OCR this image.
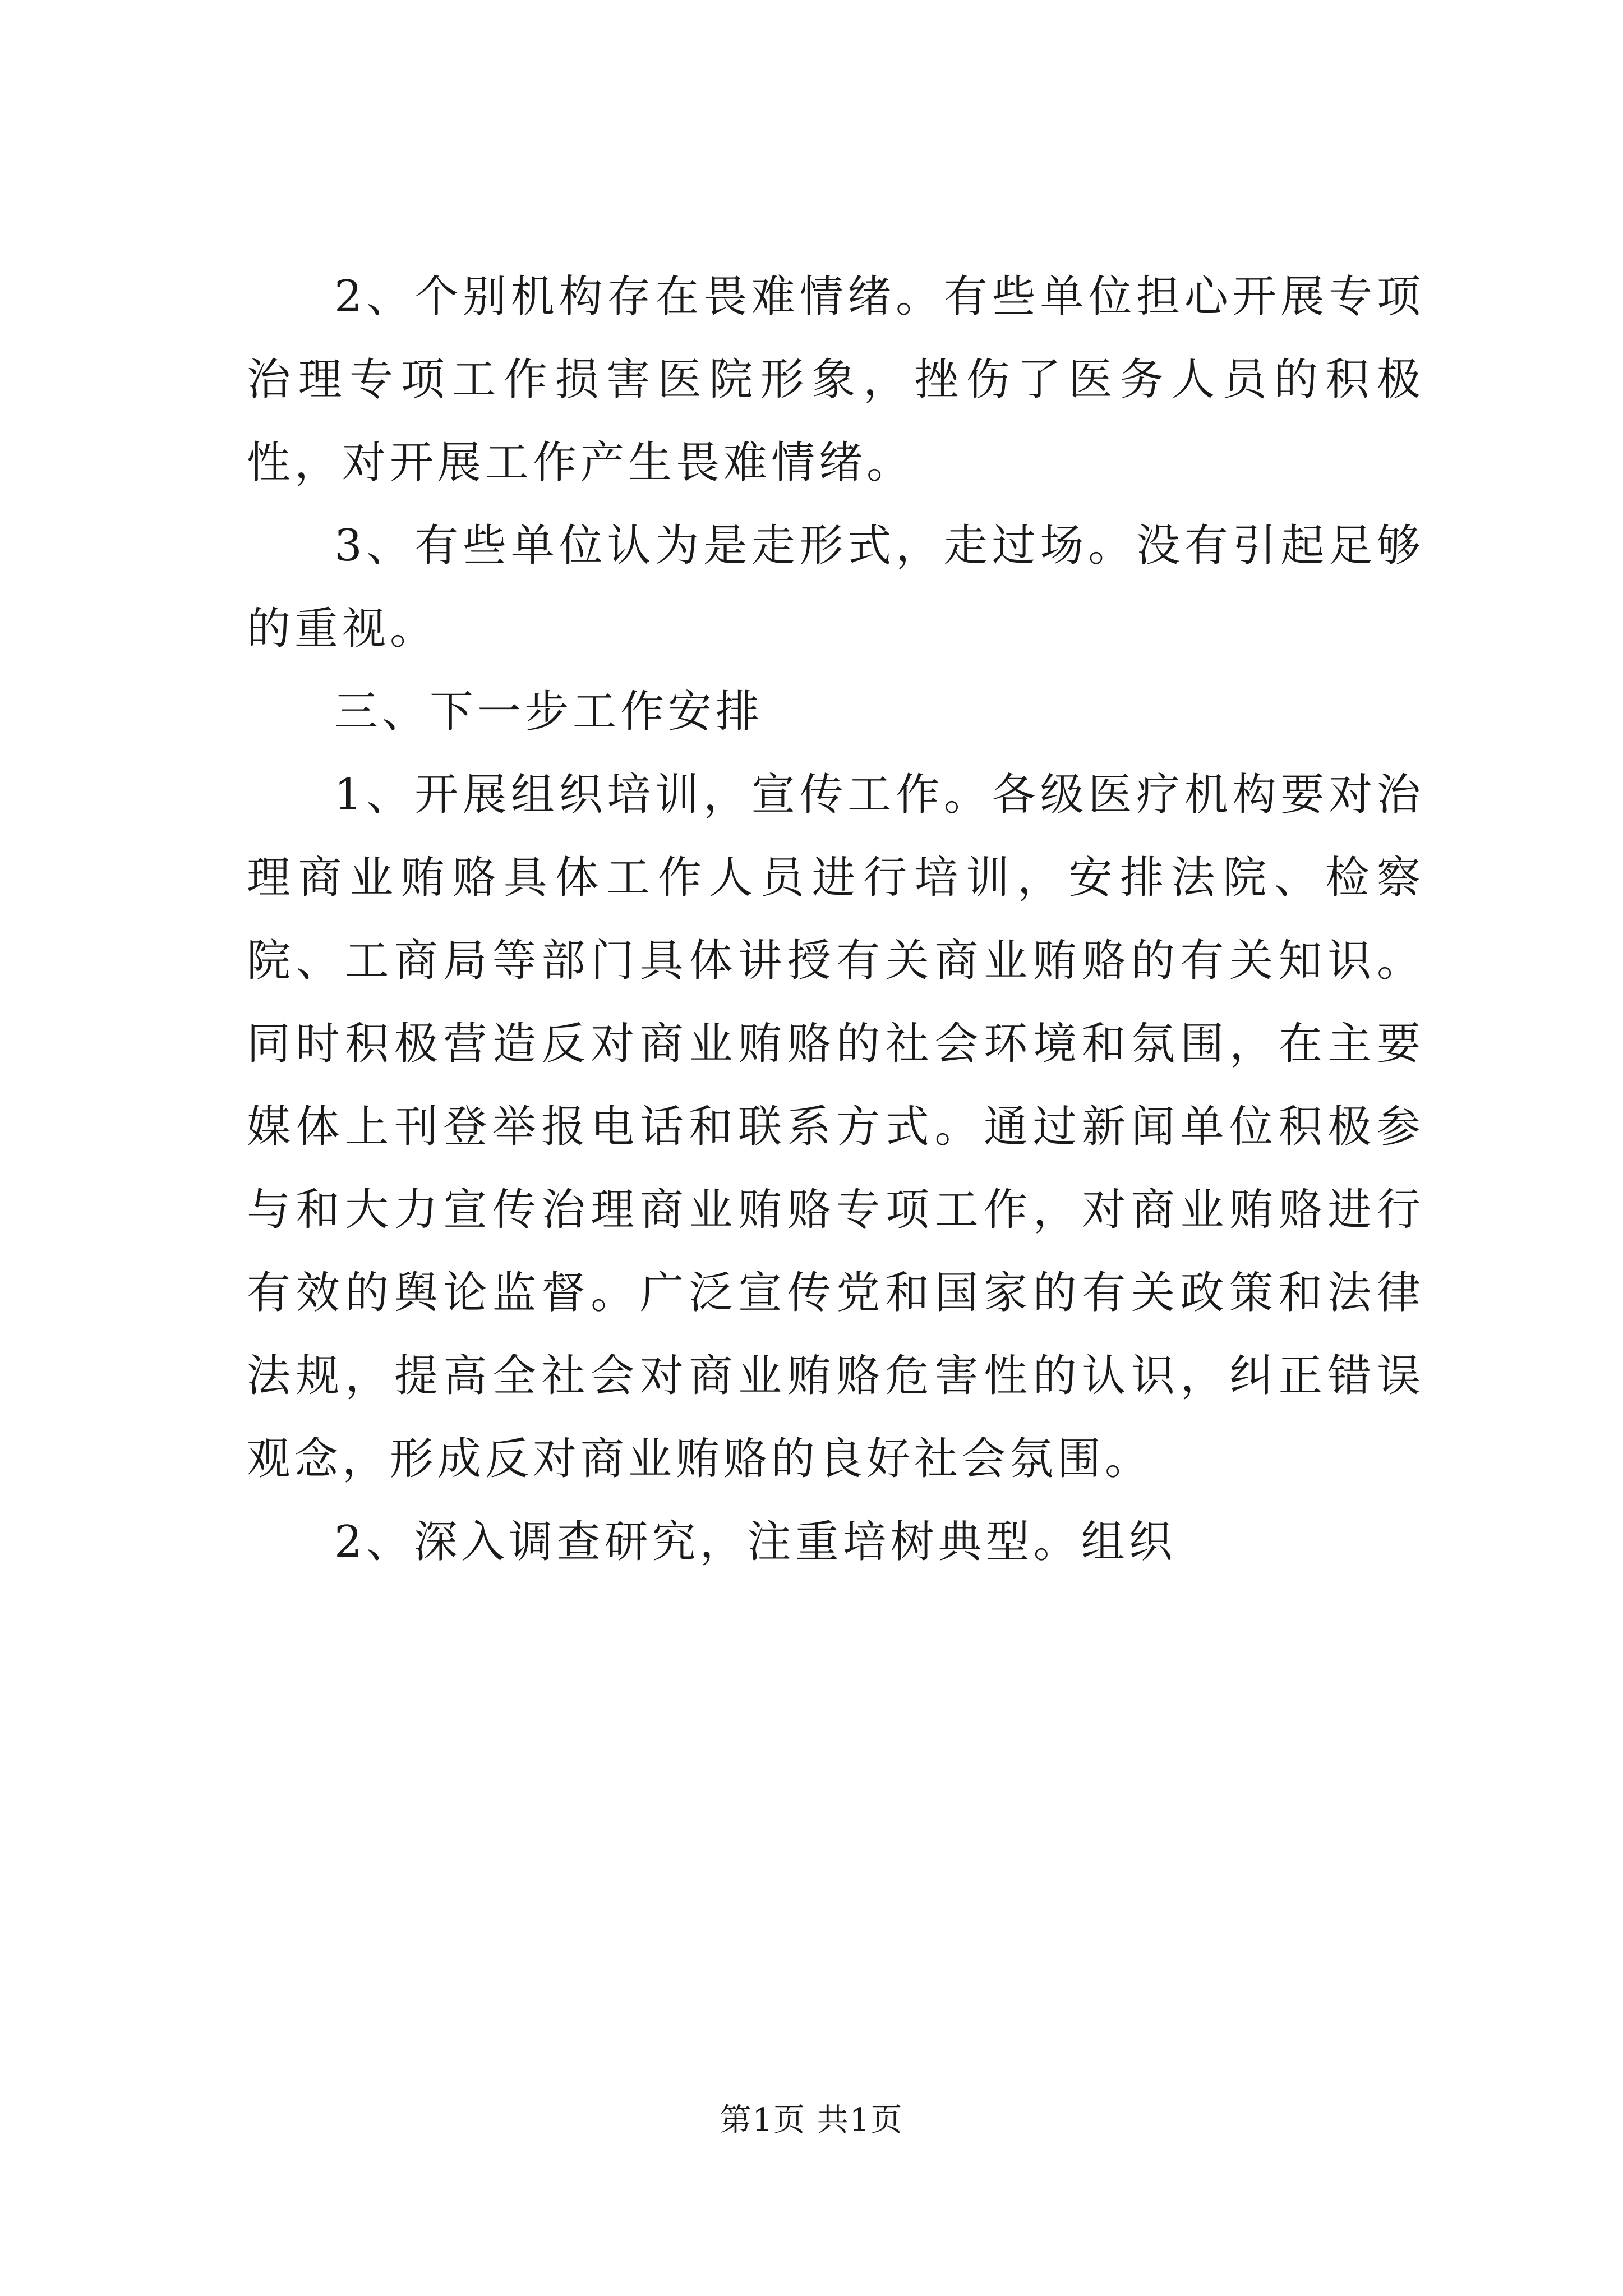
2、个别机构存在畏难情绪。有些单位担心开展专项治理专项工作损害医院形象，挫伤了医务人员的积极性，对开展工作产生畏难情绪。

3、有些单位认为是走形式，走过场。没有引起足够的重视。

三、下一步工作安排

1、开展组织培训，宣传工作。各级医疗机构要对治理商业贿赂具体工作人员进行培训，安排法院、检察院、工商局等部门具体讲授有关商业贿赂的有关知识。同时积极营造反对商业贿赂的社会环境和氛围，在主要媒体上刊登举报电话和联系方式。通过新闻单位积极参与和大力宣传治理商业贿赂专项工作，对商业贿赂进行有效的舆论监督。广泛宣传党和国家的有关政策和法律法规，提高全社会对商业贿赂危害性的认识，纠正错误观念，形成反对商业贿赂的良好社会氛围。

2、深入调查研究，注重培树典型。组织

第1页 共1页
